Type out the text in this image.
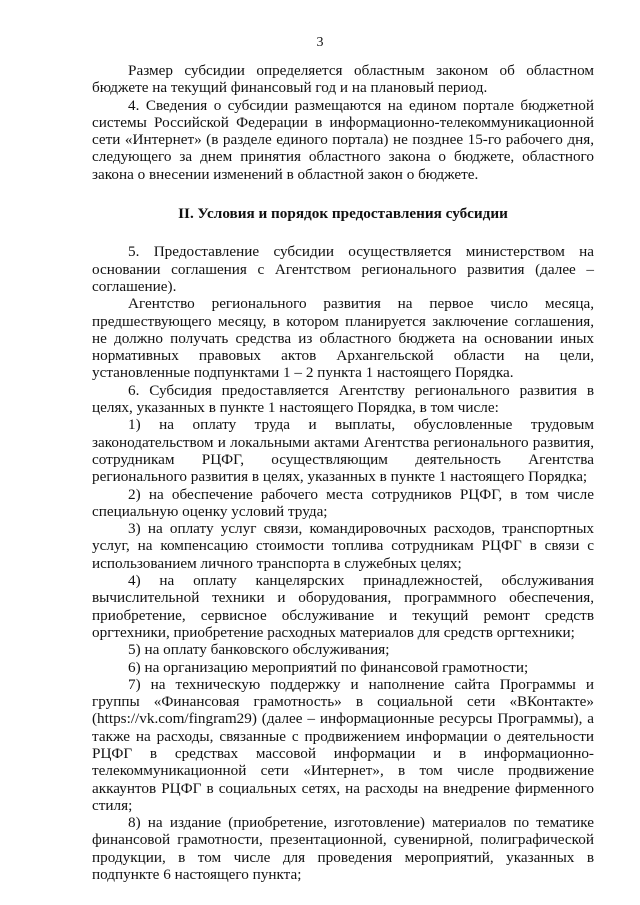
3

Размер субсидии определяется областным законом об областном бюджете на текущий финансовый год и на плановый период.

4. Сведения о субсидии размещаются на едином портале бюджетной системы Российской Федерации в информационно-телекоммуникационной сети «Интернет» (в разделе единого портала) не позднее 15-го рабочего дня, следующего за днем принятия областного закона о бюджете, областного закона о внесении изменений в областной закон о бюджете.

II. Условия и порядок предоставления субсидии

5. Предоставление субсидии осуществляется министерством на основании соглашения с Агентством регионального развития (далее – соглашение).

Агентство регионального развития на первое число месяца, предшествующего месяцу, в котором планируется заключение соглашения, не должно получать средства из областного бюджета на основании иных нормативных правовых актов Архангельской области на цели, установленные подпунктами 1 – 2 пункта 1 настоящего Порядка.

6. Субсидия предоставляется Агентству регионального развития в целях, указанных в пункте 1 настоящего Порядка, в том числе:

1) на оплату труда и выплаты, обусловленные трудовым законодательством и локальными актами Агентства регионального развития, сотрудникам РЦФГ, осуществляющим деятельность Агентства регионального развития в целях, указанных в пункте 1 настоящего Порядка;

2) на обеспечение рабочего места сотрудников РЦФГ, в том числе специальную оценку условий труда;

3) на оплату услуг связи, командировочных расходов, транспортных услуг, на компенсацию стоимости топлива сотрудникам РЦФГ в связи с использованием личного транспорта в служебных целях;

4) на оплату канцелярских принадлежностей, обслуживания вычислительной техники и оборудования, программного обеспечения, приобретение, сервисное обслуживание и текущий ремонт средств оргтехники, приобретение расходных материалов для средств оргтехники;

5) на оплату банковского обслуживания;

6) на организацию мероприятий по финансовой грамотности;

7) на техническую поддержку и наполнение сайта Программы и группы «Финансовая грамотность» в социальной сети «ВКонтакте» (https://vk.com/fingram29) (далее – информационные ресурсы Программы), а также на расходы, связанные с продвижением информации о деятельности РЦФГ в средствах массовой информации и в информационно-телекоммуникационной сети «Интернет», в том числе продвижение аккаунтов РЦФГ в социальных сетях, на расходы на внедрение фирменного стиля;

8) на издание (приобретение, изготовление) материалов по тематике финансовой грамотности, презентационной, сувенирной, полиграфической продукции, в том числе для проведения мероприятий, указанных в подпункте 6 настоящего пункта;
